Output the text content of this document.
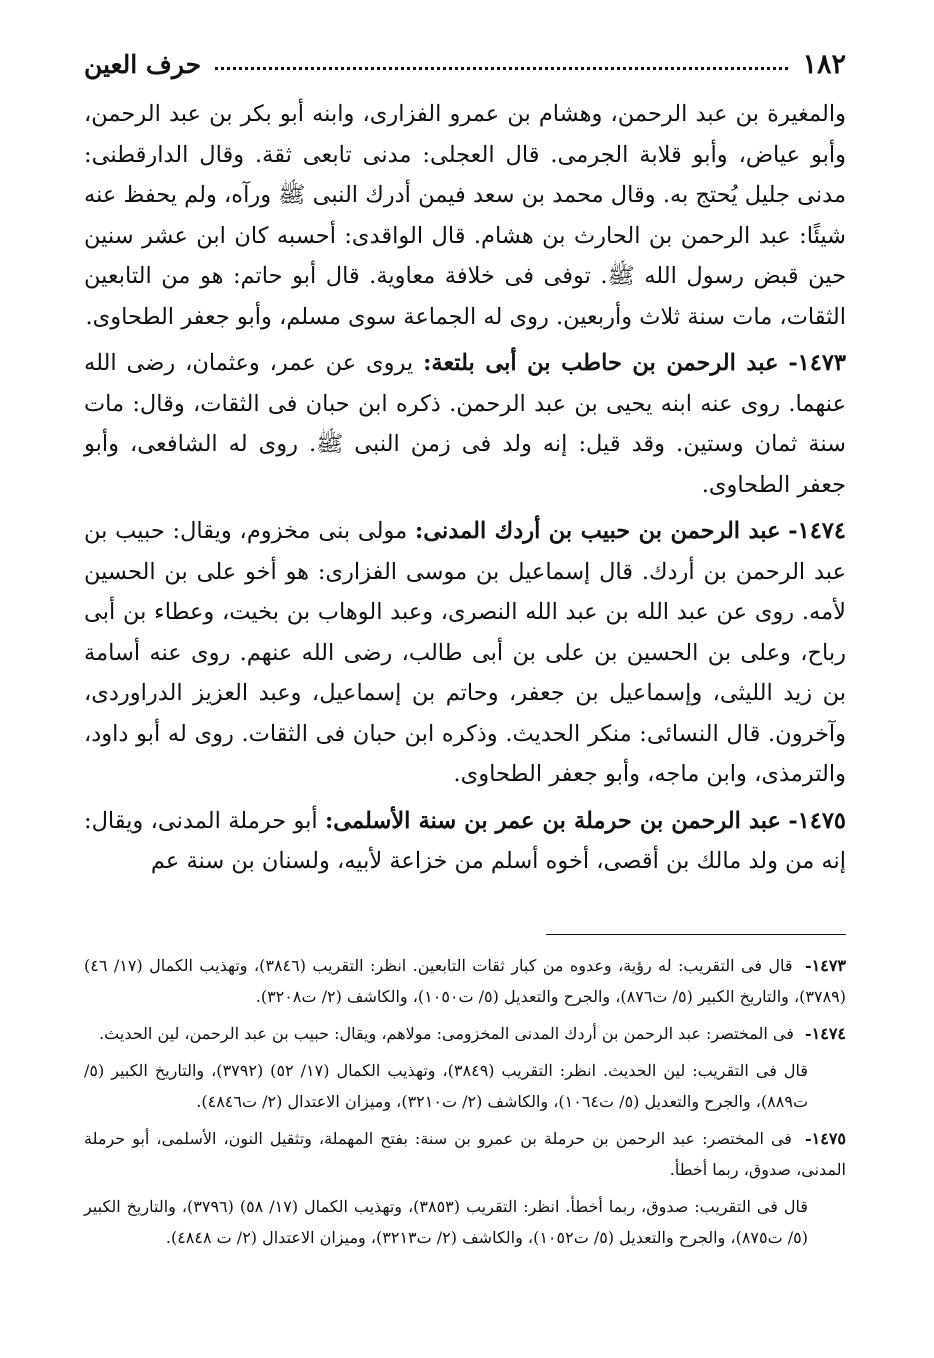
١٨٢
حرف العين

والمغيرة بن عبد الرحمن، وهشام بن عمرو الفزارى، وابنه أبو بكر بن عبد الرحمن، وأبو عياض، وأبو قلابة الجرمى. قال العجلى: مدنى تابعى ثقة. وقال الدارقطنى: مدنى جليل يُحتج به. وقال محمد بن سعد فيمن أدرك النبى ﷺ ورآه، ولم يحفظ عنه شيئًا: عبد الرحمن بن الحارث بن هشام. قال الواقدى: أحسبه كان ابن عشر سنين حين قبض رسول الله ﷺ. توفى فى خلافة معاوية. قال أبو حاتم: هو من التابعين الثقات، مات سنة ثلاث وأربعين. روى له الجماعة سوى مسلم، وأبو جعفر الطحاوى.

١٤٧٣- عبد الرحمن بن حاطب بن أبى بلتعة: يروى عن عمر، وعثمان، رضى الله عنهما. روى عنه ابنه يحيى بن عبد الرحمن. ذكره ابن حبان فى الثقات، وقال: مات سنة ثمان وستين. وقد قيل: إنه ولد فى زمن النبى ﷺ. روى له الشافعى، وأبو جعفر الطحاوى.

١٤٧٤- عبد الرحمن بن حبيب بن أردك المدنى: مولى بنى مخزوم، ويقال: حبيب بن عبد الرحمن بن أردك. قال إسماعيل بن موسى الفزارى: هو أخو على بن الحسين لأمه. روى عن عبد الله بن عبد الله النصرى، وعبد الوهاب بن بخيت، وعطاء بن أبى رباح، وعلى بن الحسين بن على بن أبى طالب، رضى الله عنهم. روى عنه أسامة بن زيد الليثى، وإسماعيل بن جعفر، وحاتم بن إسماعيل، وعبد العزيز الدراوردى، وآخرون. قال النسائى: منكر الحديث. وذكره ابن حبان فى الثقات. روى له أبو داود، والترمذى، وابن ماجه، وأبو جعفر الطحاوى.

١٤٧٥- عبد الرحمن بن حرملة بن عمر بن سنة الأسلمى: أبو حرملة المدنى، ويقال: إنه من ولد مالك بن أقصى، أخوه أسلم من خزاعة لأبيه، ولسنان بن سنة عم

١٤٧٣- قال فى التقريب: له رؤية، وعدوه من كبار ثقات التابعين. انظر: التقريب (٣٨٤٦)، وتهذيب الكمال (١٧/ ٤٦) (٣٧٨٩)، والتاريخ الكبير (٥/ ت٨٧٦)، والجرح والتعديل (٥/ ت١٠٥٠)، والكاشف (٢/ ت٣٢٠٨).

١٤٧٤- فى المختصر: عبد الرحمن بن أردك المدنى المخزومى: مولاهم، ويقال: حبيب بن عبد الرحمن، لين الحديث.

قال فى التقريب: لين الحديث. انظر: التقريب (٣٨٤٩)، وتهذيب الكمال (١٧/ ٥٢) (٣٧٩٢)، والتاريخ الكبير (٥/ ت٨٨٩)، والجرح والتعديل (٥/ ت١٠٦٤)، والكاشف (٢/ ت٣٢١٠)، وميزان الاعتدال (٢/ ت٤٨٤٦).

١٤٧٥- فى المختصر: عبد الرحمن بن حرملة بن عمرو بن سنة: بفتح المهملة، وتثقيل النون، الأسلمى، أبو حرملة المدنى، صدوق، ربما أخطأ.

قال فى التقريب: صدوق، ربما أخطأ. انظر: التقريب (٣٨٥٣)، وتهذيب الكمال (١٧/ ٥٨) (٣٧٩٦)، والتاريخ الكبير (٥/ ت٨٧٥)، والجرح والتعديل (٥/ ت١٠٥٢)، والكاشف (٢/ ت٣٢١٣)، وميزان الاعتدال (٢/ ت ٤٨٤٨).
